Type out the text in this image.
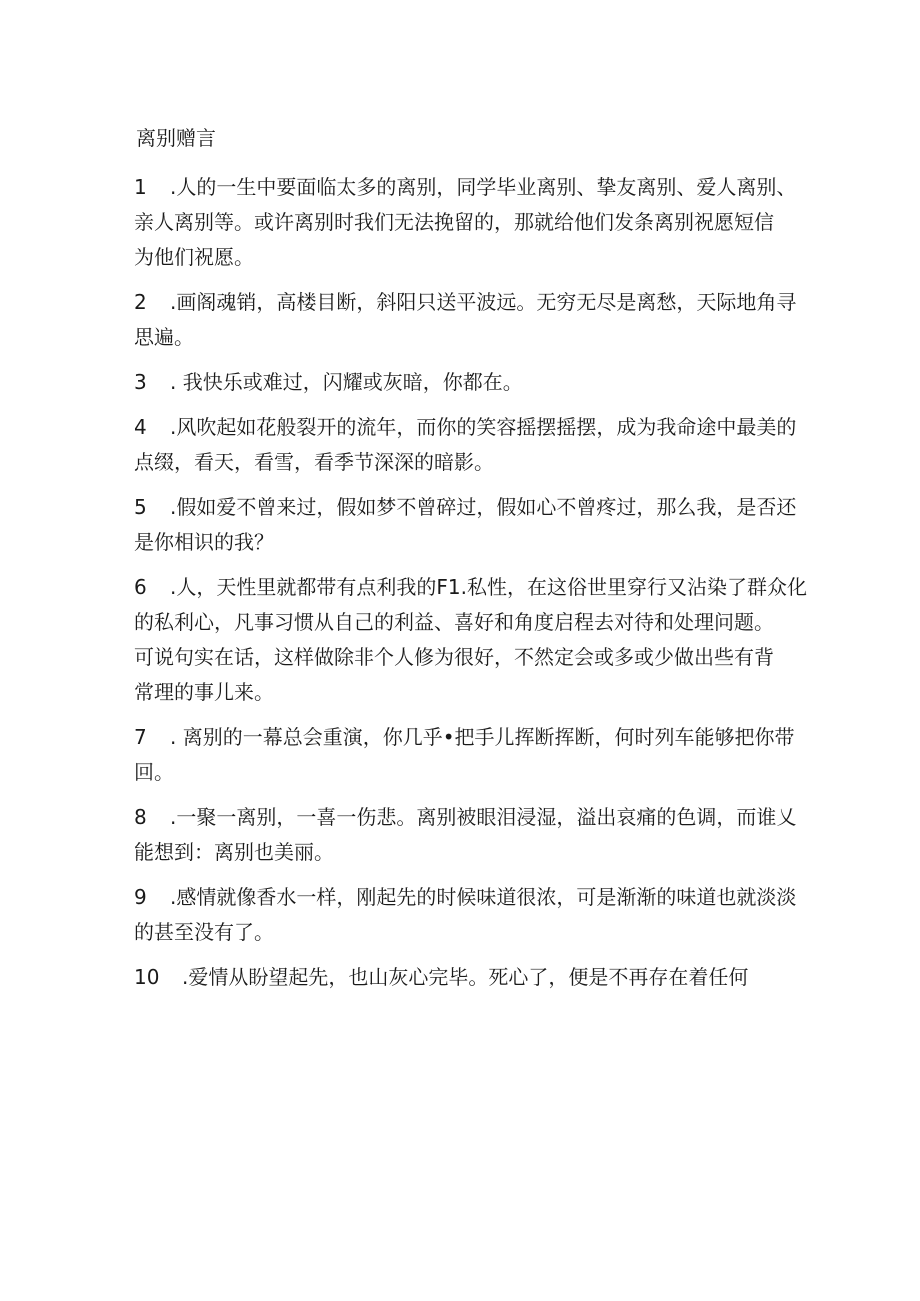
离别赠言
1	.人的一生中要面临太多的离别，同学毕业离别、挚友离别、爱人离别、
亲人离别等。或许离别时我们无法挽留的，那就给他们发条离别祝愿短信
为他们祝愿。
2	.画阁魂销，高楼目断，斜阳只送平波远。无穷无尽是离愁，天际地角寻
思遍。
3	. 我快乐或难过，闪耀或灰暗，你都在。
4	.风吹起如花般裂开的流年，而你的笑容摇摆摇摆，成为我命途中最美的
点缀，看天，看雪，看季节深深的暗影。
5	.假如爱不曾来过，假如梦不曾碎过，假如心不曾疼过，那么我，是否还
是你相识的我？
6	.人，天性里就都带有点利我的F1.私性，在这俗世里穿行又沾染了群众化
的私利心，凡事习惯从自己的利益、喜好和角度启程去对待和处理问题。
可说句实在话，这样做除非个人修为很好，不然定会或多或少做出些有背
常理的事儿来。
7	. 离别的一幕总会重演，你几乎•把手儿挥断挥断，何时列车能够把你带
回。
8	.一聚一离别，一喜一伤悲。离别被眼泪浸湿，溢出哀痛的色调，而谁乂
能想到：离别也美丽。
9	.感情就像香水一样，刚起先的时候味道很浓，可是渐渐的味道也就淡淡
的甚至没有了。
10	.爱情从盼望起先，也山灰心完毕。死心了，便是不再存在着任何
